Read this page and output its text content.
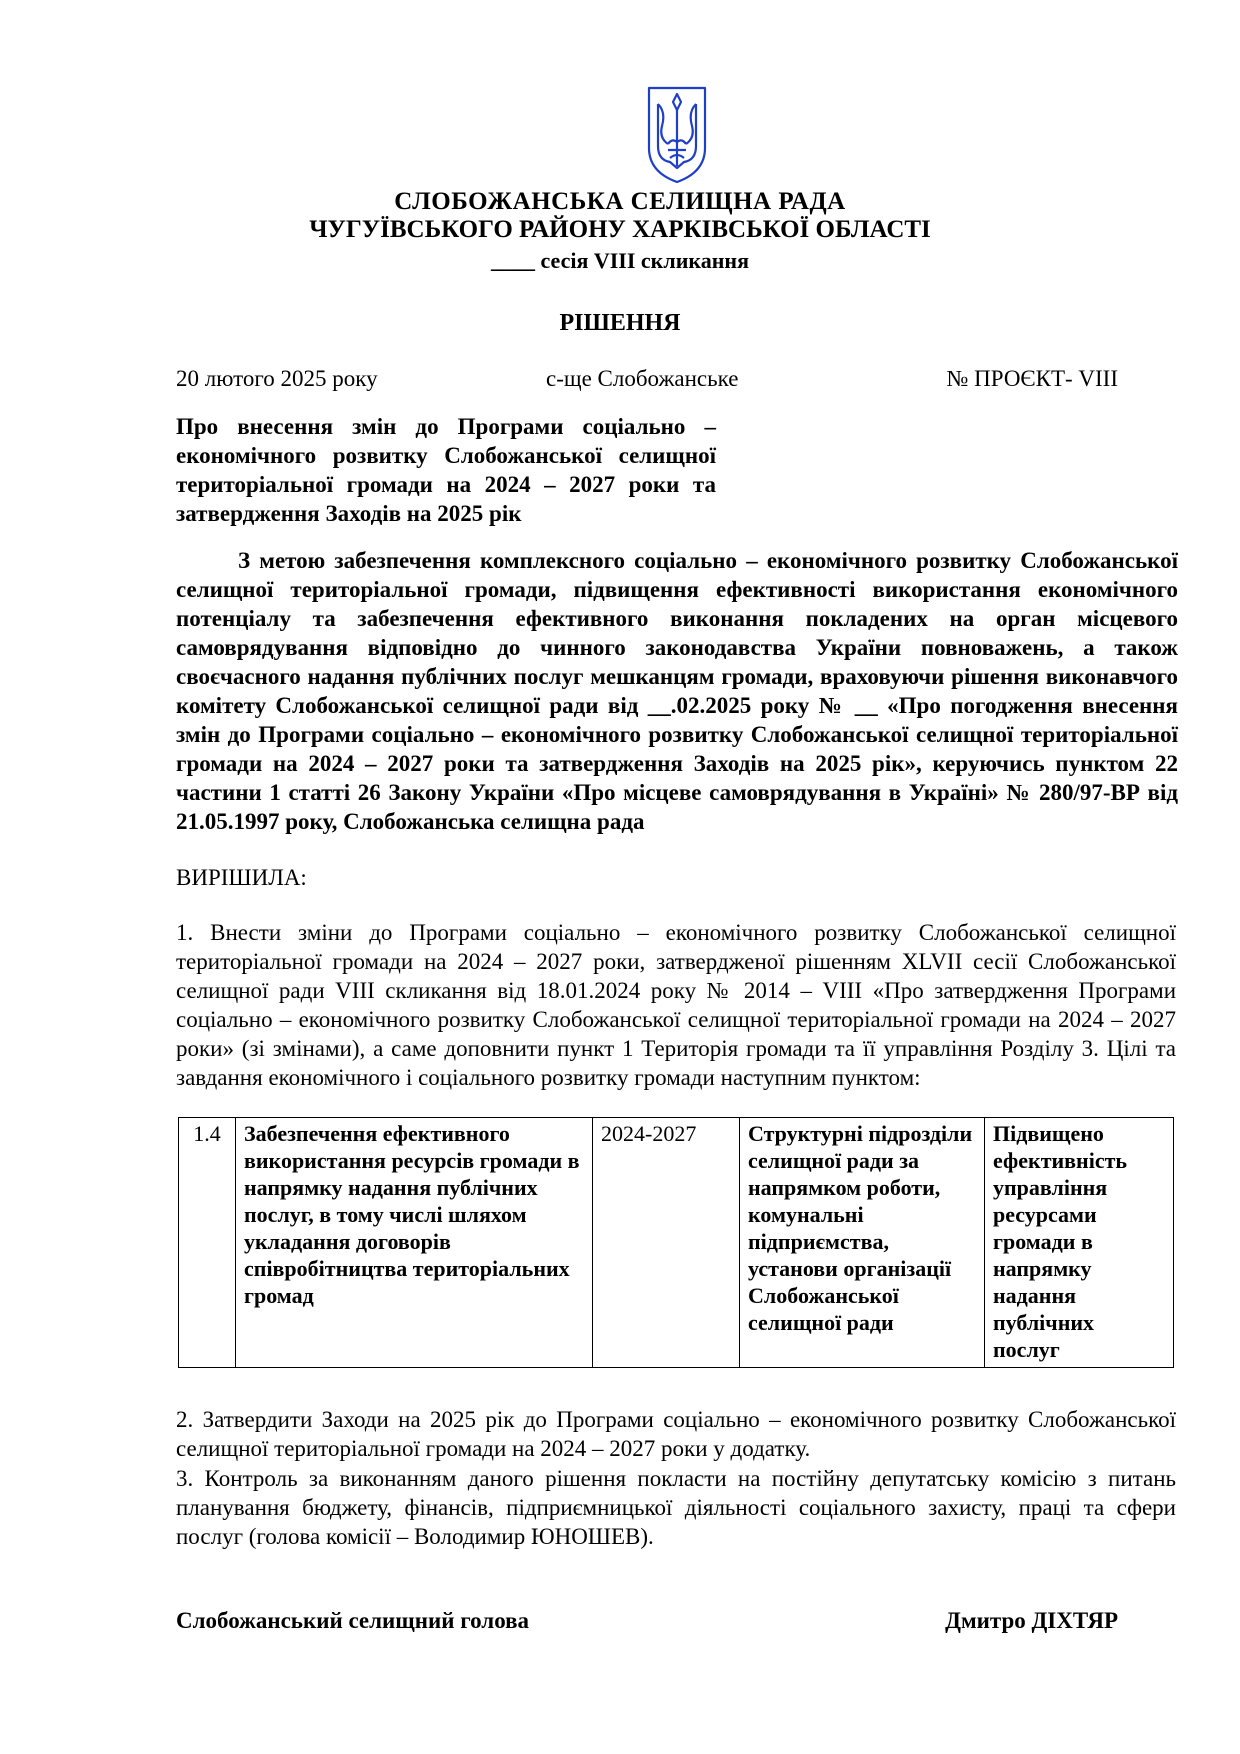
СЛОБОЖАНСЬКА СЕЛИЩНА РАДА
ЧУГУЇВСЬКОГО РАЙОНУ ХАРКІВСЬКОЇ ОБЛАСТІ
____ сесія VIII скликання
РІШЕННЯ
20 лютого 2025 року	с-ще Слобожанське	№ ПРОЄКТ- VIII
Про внесення змін до Програми соціально – економічного розвитку Слобожанської селищної територіальної громади на 2024 – 2027 роки та затвердження Заходів на 2025 рік
З метою забезпечення комплексного соціально – економічного розвитку Слобожанської селищної територіальної громади, підвищення ефективності використання економічного потенціалу та забезпечення ефективного виконання покладених на орган місцевого самоврядування відповідно до чинного законодавства України повноважень, а також своєчасного надання публічних послуг мешканцям громади, враховуючи рішення виконавчого комітету Слобожанської селищної ради від __.02.2025 року № __ «Про погодження внесення змін до Програми соціально – економічного розвитку Слобожанської селищної територіальної громади на 2024 – 2027 роки та затвердження Заходів на 2025 рік», керуючись пунктом 22 частини 1 статті 26 Закону України «Про місцеве самоврядування в Україні» № 280/97-ВР від 21.05.1997 року, Слобожанська селищна рада
ВИРІШИЛА:
1. Внести зміни до Програми соціально – економічного розвитку Слобожанської селищної територіальної громади на 2024 – 2027 роки, затвердженої рішенням XLVII сесії Слобожанської селищної ради VIII скликання від 18.01.2024 року № 2014 – VIII «Про затвердження Програми соціально – економічного розвитку Слобожанської селищної територіальної громади на 2024 – 2027 роки» (зі змінами), а саме доповнити пункт 1 Територія громади та її управління Розділу 3. Цілі та завдання економічного і соціального розвитку громади наступним пунктом:
1.4	Забезпечення ефективного використання ресурсів громади в напрямку надання публічних послуг, в тому числі шляхом укладання договорів співробітництва територіальних громад	2024-2027	Структурні підрозділи селищної ради за напрямком роботи, комунальні підприємства, установи організації Слобожанської селищної ради	Підвищено ефективність управління ресурсами громади в напрямку надання публічних послуг
2. Затвердити Заходи на 2025 рік до Програми соціально – економічного розвитку Слобожанської селищної територіальної громади на 2024 – 2027 роки у додатку.
3. Контроль за виконанням даного рішення покласти на постійну депутатську комісію з питань планування бюджету, фінансів, підприємницької діяльності соціального захисту, праці та сфери послуг (голова комісії – Володимир ЮНОШЕВ).
Слобожанський селищний голова	Дмитро ДІХТЯР
